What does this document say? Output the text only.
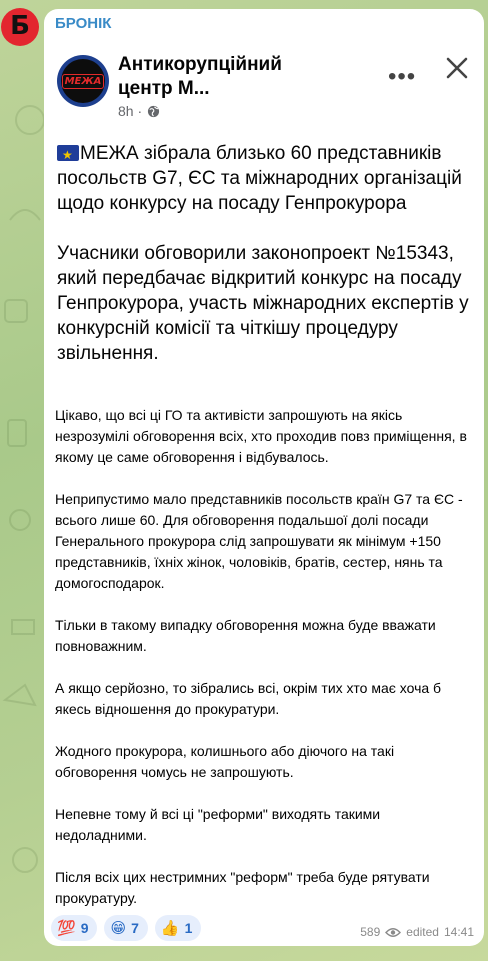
Б БРОНІК
МЕЖА
Антикорупційний центр М...
8h ·
•••

★МЕЖА зібрала близько 60 представників посольств G7, ЄС та міжнародних організацій щодо конкурсу на посаду Генпрокурора

Учасники обговорили законопроект №15343, який передбачає відкритий конкурс на посаду Генпрокурора, участь міжнародних експертів у конкурсній комісії та чіткішу процедуру звільнення.

Цікаво, що всі ці ГО та активісти запрошують на якісь незрозумілі обговорення всіх, хто проходив повз приміщення, в якому це саме обговорення і відбувалось.

Неприпустимо мало представників посольств країн G7 та ЄС - всього лише 60. Для обговорення подальшої долі посади Генерального прокурора слід запрошувати як мінімум +150 представників, їхніх жінок, чоловіків, братів, сестер, нянь та домогосподарок.

Тільки в такому випадку обговорення можна буде вважати повноважним.

А якщо серйозно, то зібрались всі, окрім тих хто має хоча б якесь відношення до прокуратури.

Жодного прокурора, колишнього або діючого на такі обговорення чомусь не запрошують.

Непевне тому й всі ці "реформи" виходять такими недоладними.

Після всіх цих нестримних "реформ" треба буде рятувати прокуратуру.

💯 9 😁 7 👍 1	589 edited 14:41
